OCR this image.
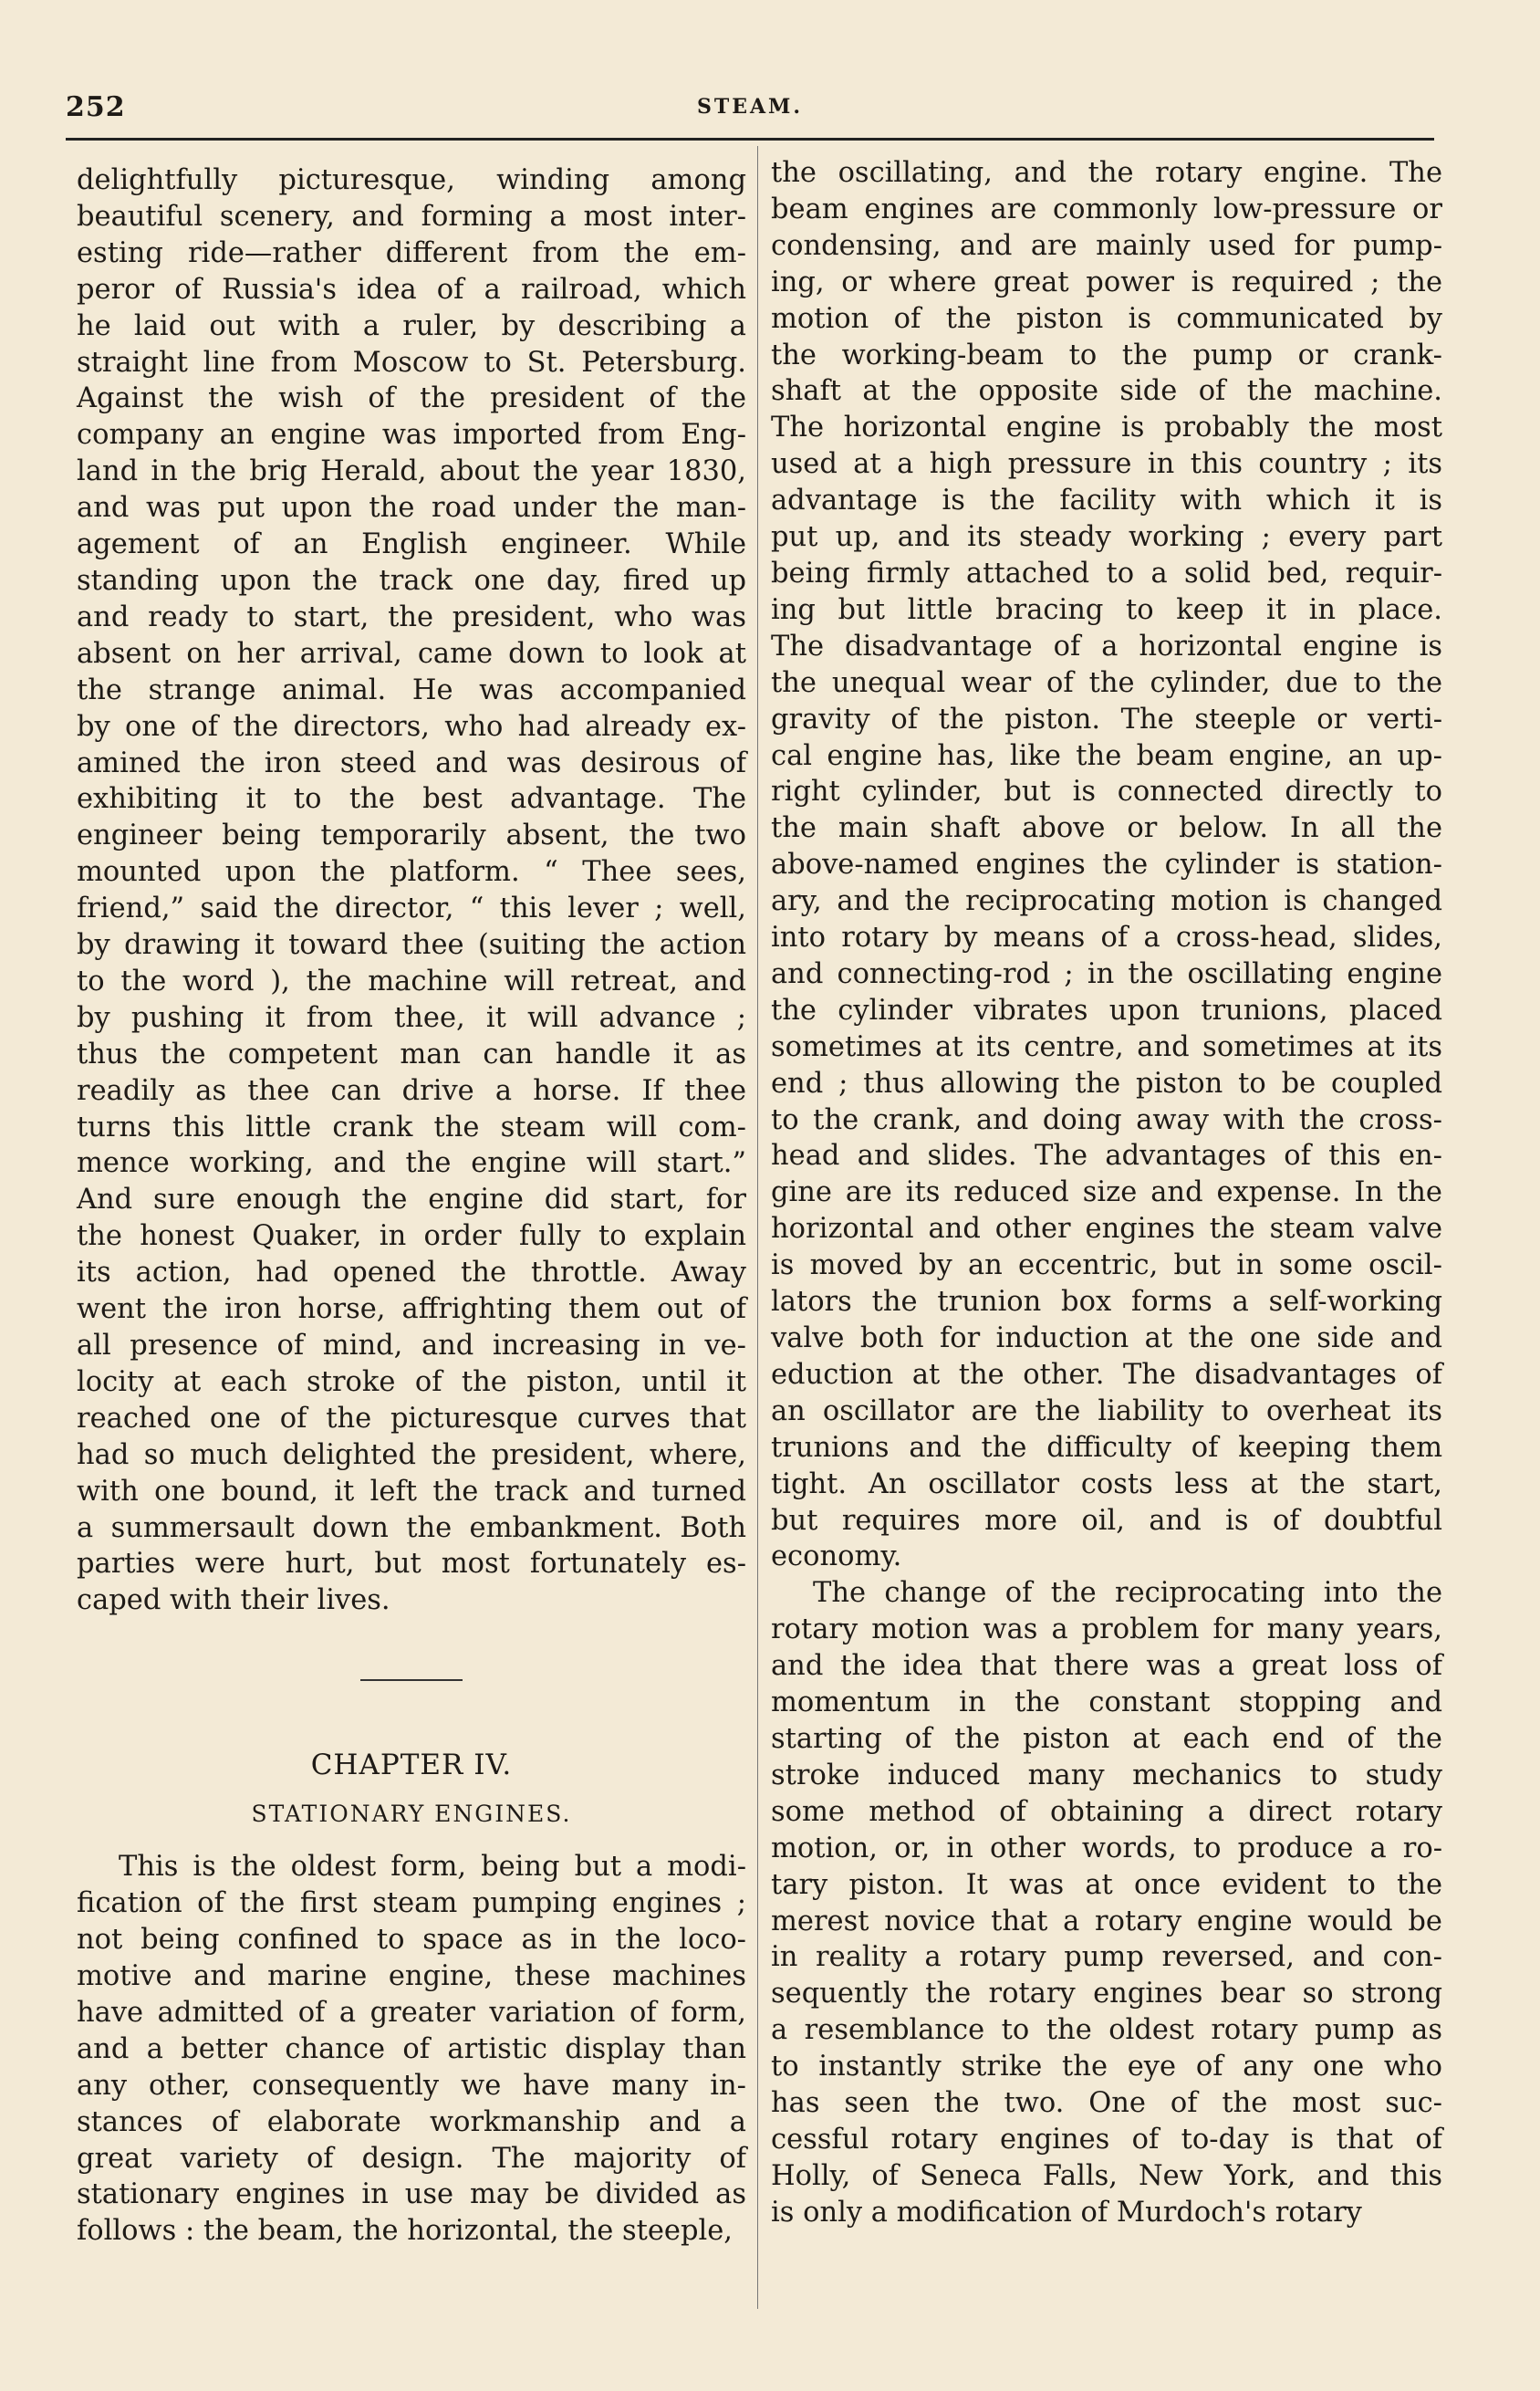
252	STEAM.
delightfully picturesque, winding among
beautiful scenery, and forming a most inter-
esting ride—rather different from the em-
peror of Russia's idea of a railroad, which
he laid out with a ruler, by describing a
straight line from Moscow to St. Petersburg.
Against the wish of the president of the
company an engine was imported from Eng-
land in the brig Herald, about the year 1830,
and was put upon the road under the man-
agement of an English engineer. While
standing upon the track one day, fired up
and ready to start, the president, who was
absent on her arrival, came down to look at
the strange animal. He was accompanied
by one of the directors, who had already ex-
amined the iron steed and was desirous of
exhibiting it to the best advantage. The
engineer being temporarily absent, the two
mounted upon the platform. “ Thee sees,
friend,” said the director, “ this lever ; well,
by drawing it toward thee (suiting the action
to the word ), the machine will retreat, and
by pushing it from thee, it will advance ;
thus the competent man can handle it as
readily as thee can drive a horse. If thee
turns this little crank the steam will com-
mence working, and the engine will start.”
And sure enough the engine did start, for
the honest Quaker, in order fully to explain
its action, had opened the throttle. Away
went the iron horse, affrighting them out of
all presence of mind, and increasing in ve-
locity at each stroke of the piston, until it
reached one of the picturesque curves that
had so much delighted the president, where,
with one bound, it left the track and turned
a summersault down the embankment. Both
parties were hurt, but most fortunately es-
caped with their lives.
CHAPTER IV.
STATIONARY ENGINES.
This is the oldest form, being but a modi-
fication of the first steam pumping engines ;
not being confined to space as in the loco-
motive and marine engine, these machines
have admitted of a greater variation of form,
and a better chance of artistic display than
any other, consequently we have many in-
stances of elaborate workmanship and a
great variety of design. The majority of
stationary engines in use may be divided as
follows : the beam, the horizontal, the steeple,
the oscillating, and the rotary engine. The
beam engines are commonly low-pressure or
condensing, and are mainly used for pump-
ing, or where great power is required ; the
motion of the piston is communicated by
the working-beam to the pump or crank-
shaft at the opposite side of the machine.
The horizontal engine is probably the most
used at a high pressure in this country ; its
advantage is the facility with which it is
put up, and its steady working ; every part
being firmly attached to a solid bed, requir-
ing but little bracing to keep it in place.
The disadvantage of a horizontal engine is
the unequal wear of the cylinder, due to the
gravity of the piston. The steeple or verti-
cal engine has, like the beam engine, an up-
right cylinder, but is connected directly to
the main shaft above or below. In all the
above-named engines the cylinder is station-
ary, and the reciprocating motion is changed
into rotary by means of a cross-head, slides,
and connecting-rod ; in the oscillating engine
the cylinder vibrates upon trunions, placed
sometimes at its centre, and sometimes at its
end ; thus allowing the piston to be coupled
to the crank, and doing away with the cross-
head and slides. The advantages of this en-
gine are its reduced size and expense. In the
horizontal and other engines the steam valve
is moved by an eccentric, but in some oscil-
lators the trunion box forms a self-working
valve both for induction at the one side and
eduction at the other. The disadvantages of
an oscillator are the liability to overheat its
trunions and the difficulty of keeping them
tight. An oscillator costs less at the start,
but requires more oil, and is of doubtful
economy.
The change of the reciprocating into the
rotary motion was a problem for many years,
and the idea that there was a great loss of
momentum in the constant stopping and
starting of the piston at each end of the
stroke induced many mechanics to study
some method of obtaining a direct rotary
motion, or, in other words, to produce a ro-
tary piston. It was at once evident to the
merest novice that a rotary engine would be
in reality a rotary pump reversed, and con-
sequently the rotary engines bear so strong
a resemblance to the oldest rotary pump as
to instantly strike the eye of any one who
has seen the two. One of the most suc-
cessful rotary engines of to-day is that of
Holly, of Seneca Falls, New York, and this
is only a modification of Murdoch's rotary
